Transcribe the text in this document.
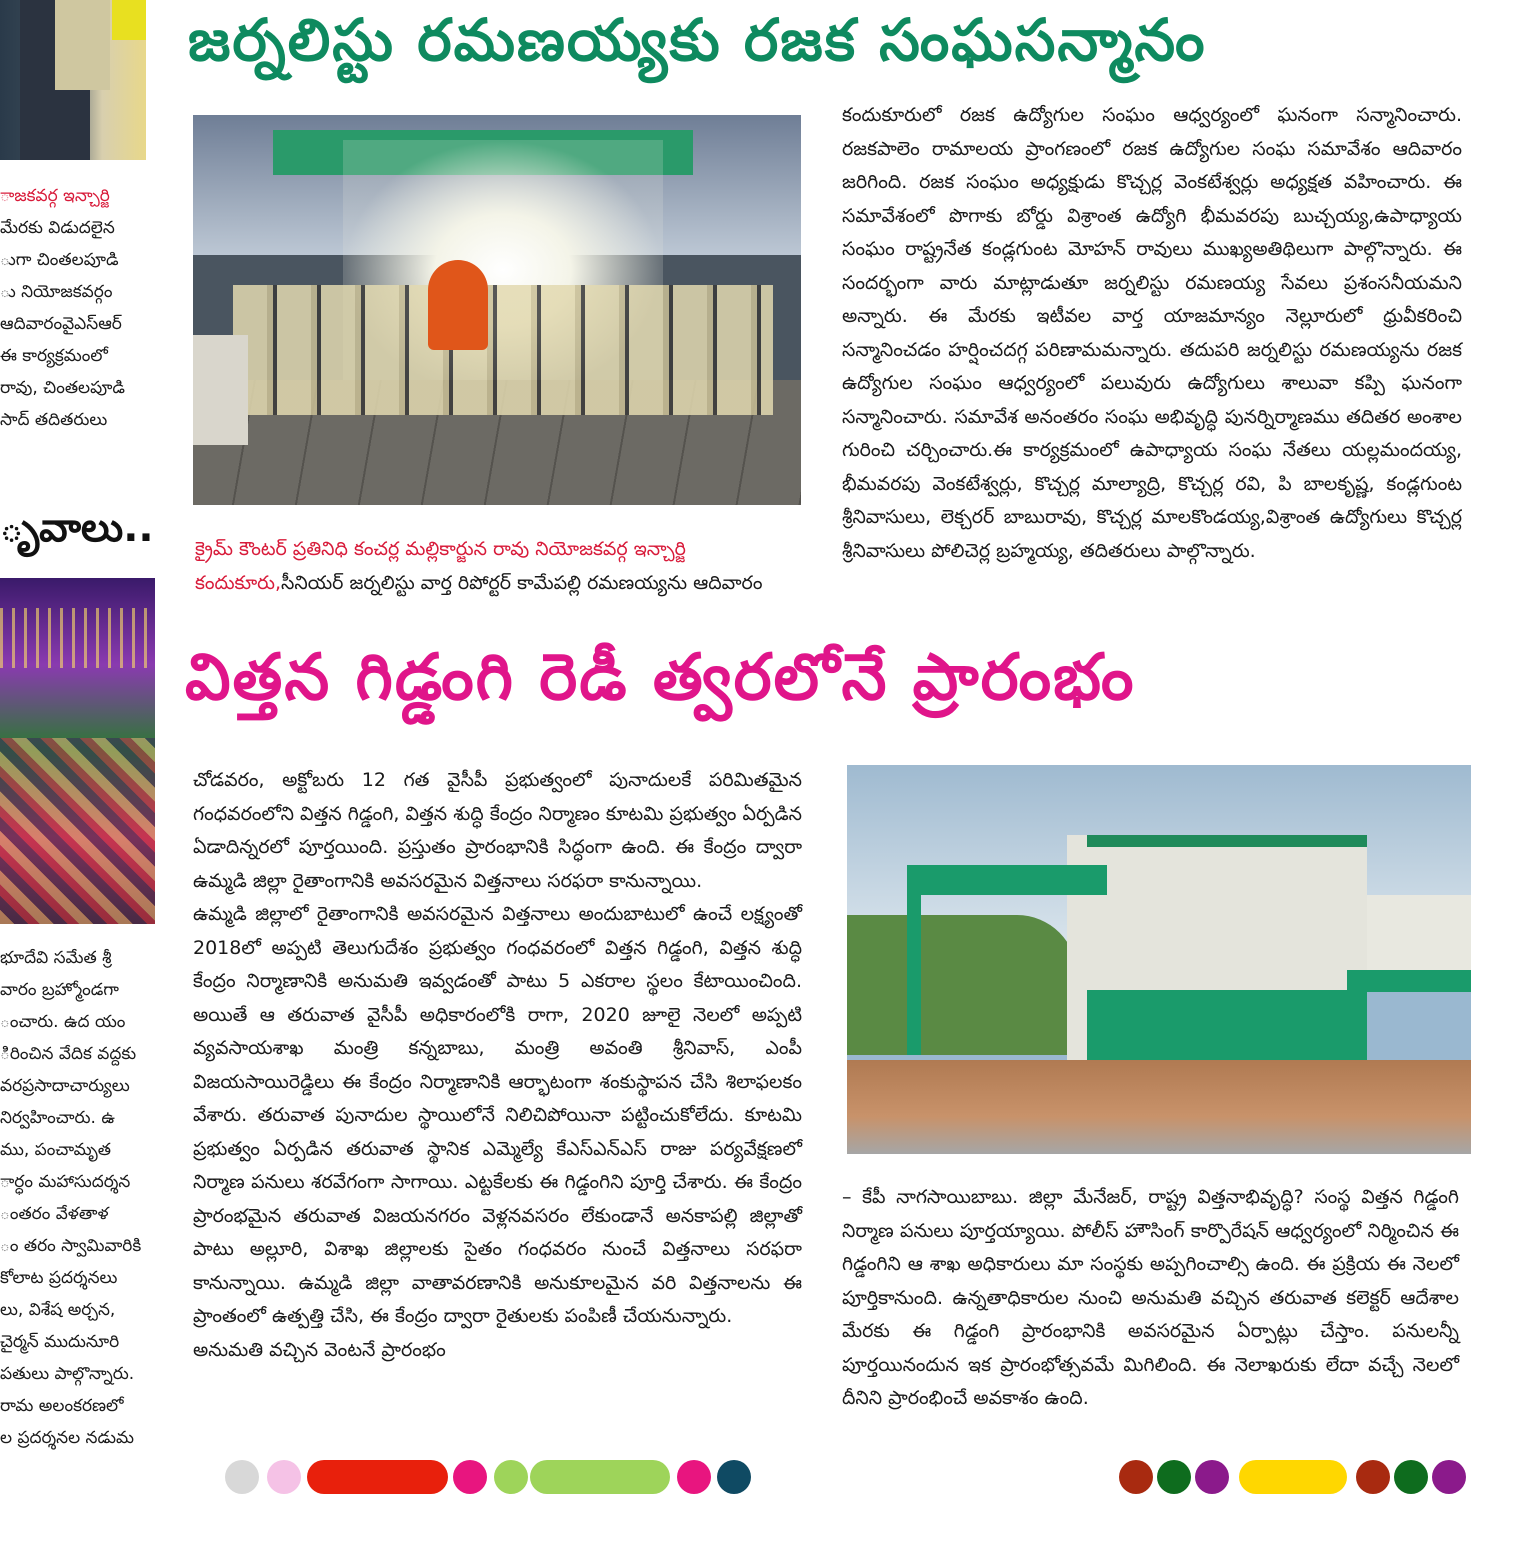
ాజకవర్గ ఇన్చార్జి

మేరకు విడుదలైన

ుగా చింతలపూడి

ు నియోజకవర్గం

ఆదివారంవైఎస్ఆర్

ఈ కార్యక్రమంలో

రావు, చింతలపూడి

సాద్ తదితరులు

ృవాలు..

భూదేవి సమేత శ్రీ

వారం బ్రహ్మోండగా

ంచారు. ఉద యం

ిరించిన వేదిక వద్దకు

వరప్రసాదాచార్యులు

నిర్వహించారు. ఉ

ము, పంచామృత

ార్ధం మహాసుదర్శన

ంతరం వేళతాళ

ం తరం స్వామివారికి

కోలాట ప్రదర్శనలు

లు, విశేష అర్చన,

చైర్మన్ ముదునూరి

పతులు పాల్గొన్నారు.

రామ అలంకరణలో

ల ప్రదర్శనల నడుమ

జర్నలిస్టు రమణయ్యకు రజక సంఘసన్మానం

క్రైమ్ కౌంటర్ ప్రతినిధి కంచర్ల మల్లికార్జున రావు నియోజకవర్గ ఇన్చార్జి

కందుకూరు,సీనియర్ జర్నలిస్టు వార్త రిపోర్టర్ కామేపల్లి రమణయ్యను ఆదివారం

కందుకూరులో రజక ఉద్యోగుల సంఘం ఆధ్వర్యంలో ఘనంగా సన్మానించారు. రజకపాలెం రామాలయ ప్రాంగణంలో రజక ఉద్యోగుల సంఘ సమావేశం ఆదివారం జరిగింది. రజక సంఘం అధ్యక్షుడు కొచ్చర్ల వెంకటేశ్వర్లు అధ్యక్షత వహించారు. ఈ సమావేశంలో పొగాకు బోర్డు విశ్రాంత ఉద్యోగి భీమవరపు బుచ్చయ్య,ఉపాధ్యాయ సంఘం రాష్ట్రనేత కండ్లగుంట మోహన్ రావులు ముఖ్యఅతిథిలుగా పాల్గొన్నారు. ఈ సందర్భంగా వారు మాట్లాడుతూ జర్నలిస్టు రమణయ్య సేవలు ప్రశంసనీయమని అన్నారు. ఈ మేరకు ఇటీవల వార్త యాజమాన్యం నెల్లూరులో ధ్రువీకరించి సన్మానించడం హర్షించదగ్గ పరిణామమన్నారు. తదుపరి జర్నలిస్టు రమణయ్యను రజక ఉద్యోగుల సంఘం ఆధ్వర్యంలో పలువురు ఉద్యోగులు శాలువా కప్పి ఘనంగా సన్మానించారు. సమావేశ అనంతరం సంఘ అభివృద్ధి పునర్నిర్మాణము తదితర అంశాల గురించి చర్చించారు.ఈ కార్యక్రమంలో ఉపాధ్యాయ సంఘ నేతలు యల్లమందయ్య, భీమవరపు వెంకటేశ్వర్లు, కొచ్చర్ల మాల్యాద్రి, కొచ్చర్ల రవి, పి బాలకృష్ణ, కండ్లగుంట శ్రీనివాసులు, లెక్చరర్ బాబురావు, కొచ్చర్ల మాలకొండయ్య,విశ్రాంత ఉద్యోగులు కొచ్చర్ల శ్రీనివాసులు పోలిచెర్ల బ్రహ్మయ్య, తదితరులు పాల్గొన్నారు.

విత్తన గిడ్డంగి రెడీ త్వరలోనే ప్రారంభం

చోడవరం, అక్టోబరు 12 గత వైసీపీ ప్రభుత్వంలో పునాదులకే పరిమితమైన గంధవరంలోని విత్తన గిడ్డంగి, విత్తన శుద్ధి కేంద్రం నిర్మాణం కూటమి ప్రభుత్వం ఏర్పడిన ఏడాదిన్నరలో పూర్తయింది. ప్రస్తుతం ప్రారంభానికి సిద్ధంగా ఉంది. ఈ కేంద్రం ద్వారా ఉమ్మడి జిల్లా రైతాంగానికి అవసరమైన విత్తనాలు సరఫరా కానున్నాయి.

ఉమ్మడి జిల్లాలో రైతాంగానికి అవసరమైన విత్తనాలు అందుబాటులో ఉంచే లక్ష్యంతో 2018లో అప్పటి తెలుగుదేశం ప్రభుత్వం గంధవరంలో విత్తన గిడ్డంగి, విత్తన శుద్ధి కేంద్రం నిర్మాణానికి అనుమతి ఇవ్వడంతో పాటు 5 ఎకరాల స్థలం కేటాయించింది. అయితే ఆ తరువాత వైసీపీ అధికారంలోకి రాగా, 2020 జూలై నెలలో అప్పటి వ్యవసాయశాఖ మంత్రి కన్నబాబు, మంత్రి అవంతి శ్రీనివాస్, ఎంపీ విజయసాయిరెడ్డిలు ఈ కేంద్రం నిర్మాణానికి ఆర్భాటంగా శంకుస్థాపన చేసి శిలాఫలకం వేశారు. తరువాత పునాదుల స్థాయిలోనే నిలిచిపోయినా పట్టించుకోలేదు. కూటమి ప్రభుత్వం ఏర్పడిన తరువాత స్థానిక ఎమ్మెల్యే కేఎస్ఎన్ఎస్ రాజు పర్యవేక్షణలో నిర్మాణ పనులు శరవేగంగా సాగాయి. ఎట్టకేలకు ఈ గిడ్డంగిని పూర్తి చేశారు. ఈ కేంద్రం ప్రారంభమైన తరువాత విజయనగరం వెళ్లనవసరం లేకుండానే అనకాపల్లి జిల్లాతో పాటు అల్లూరి, విశాఖ జిల్లాలకు సైతం గంధవరం నుంచే విత్తనాలు సరఫరా కానున్నాయి. ఉమ్మడి జిల్లా వాతావరణానికి అనుకూలమైన వరి విత్తనాలను ఈ ప్రాంతంలో ఉత్పత్తి చేసి, ఈ కేంద్రం ద్వారా రైతులకు పంపిణీ చేయనున్నారు.

అనుమతి వచ్చిన వెంటనే ప్రారంభం

– కేపీ నాగసాయిబాబు. జిల్లా మేనేజర్, రాష్ట్ర విత్తనాభివృద్ధి? సంస్థ విత్తన గిడ్డంగి నిర్మాణ పనులు పూర్తయ్యాయి. పోలీస్ హౌసింగ్ కార్పొరేషన్ ఆధ్వర్యంలో నిర్మించిన ఈ గిడ్డంగిని ఆ శాఖ అధికారులు మా సంస్థకు అప్పగించాల్సి ఉంది. ఈ ప్రక్రియ ఈ నెలలో పూర్తికానుంది. ఉన్నతాధికారుల నుంచి అనుమతి వచ్చిన తరువాత కలెక్టర్ ఆదేశాల మేరకు ఈ గిడ్డంగి ప్రారంభానికి అవసరమైన ఏర్పాట్లు చేస్తాం. పనులన్నీ పూర్తయినందున ఇక ప్రారంభోత్సవమే మిగిలింది. ఈ నెలాఖరుకు లేదా వచ్చే నెలలో దీనిని ప్రారంభించే అవకాశం ఉంది.
